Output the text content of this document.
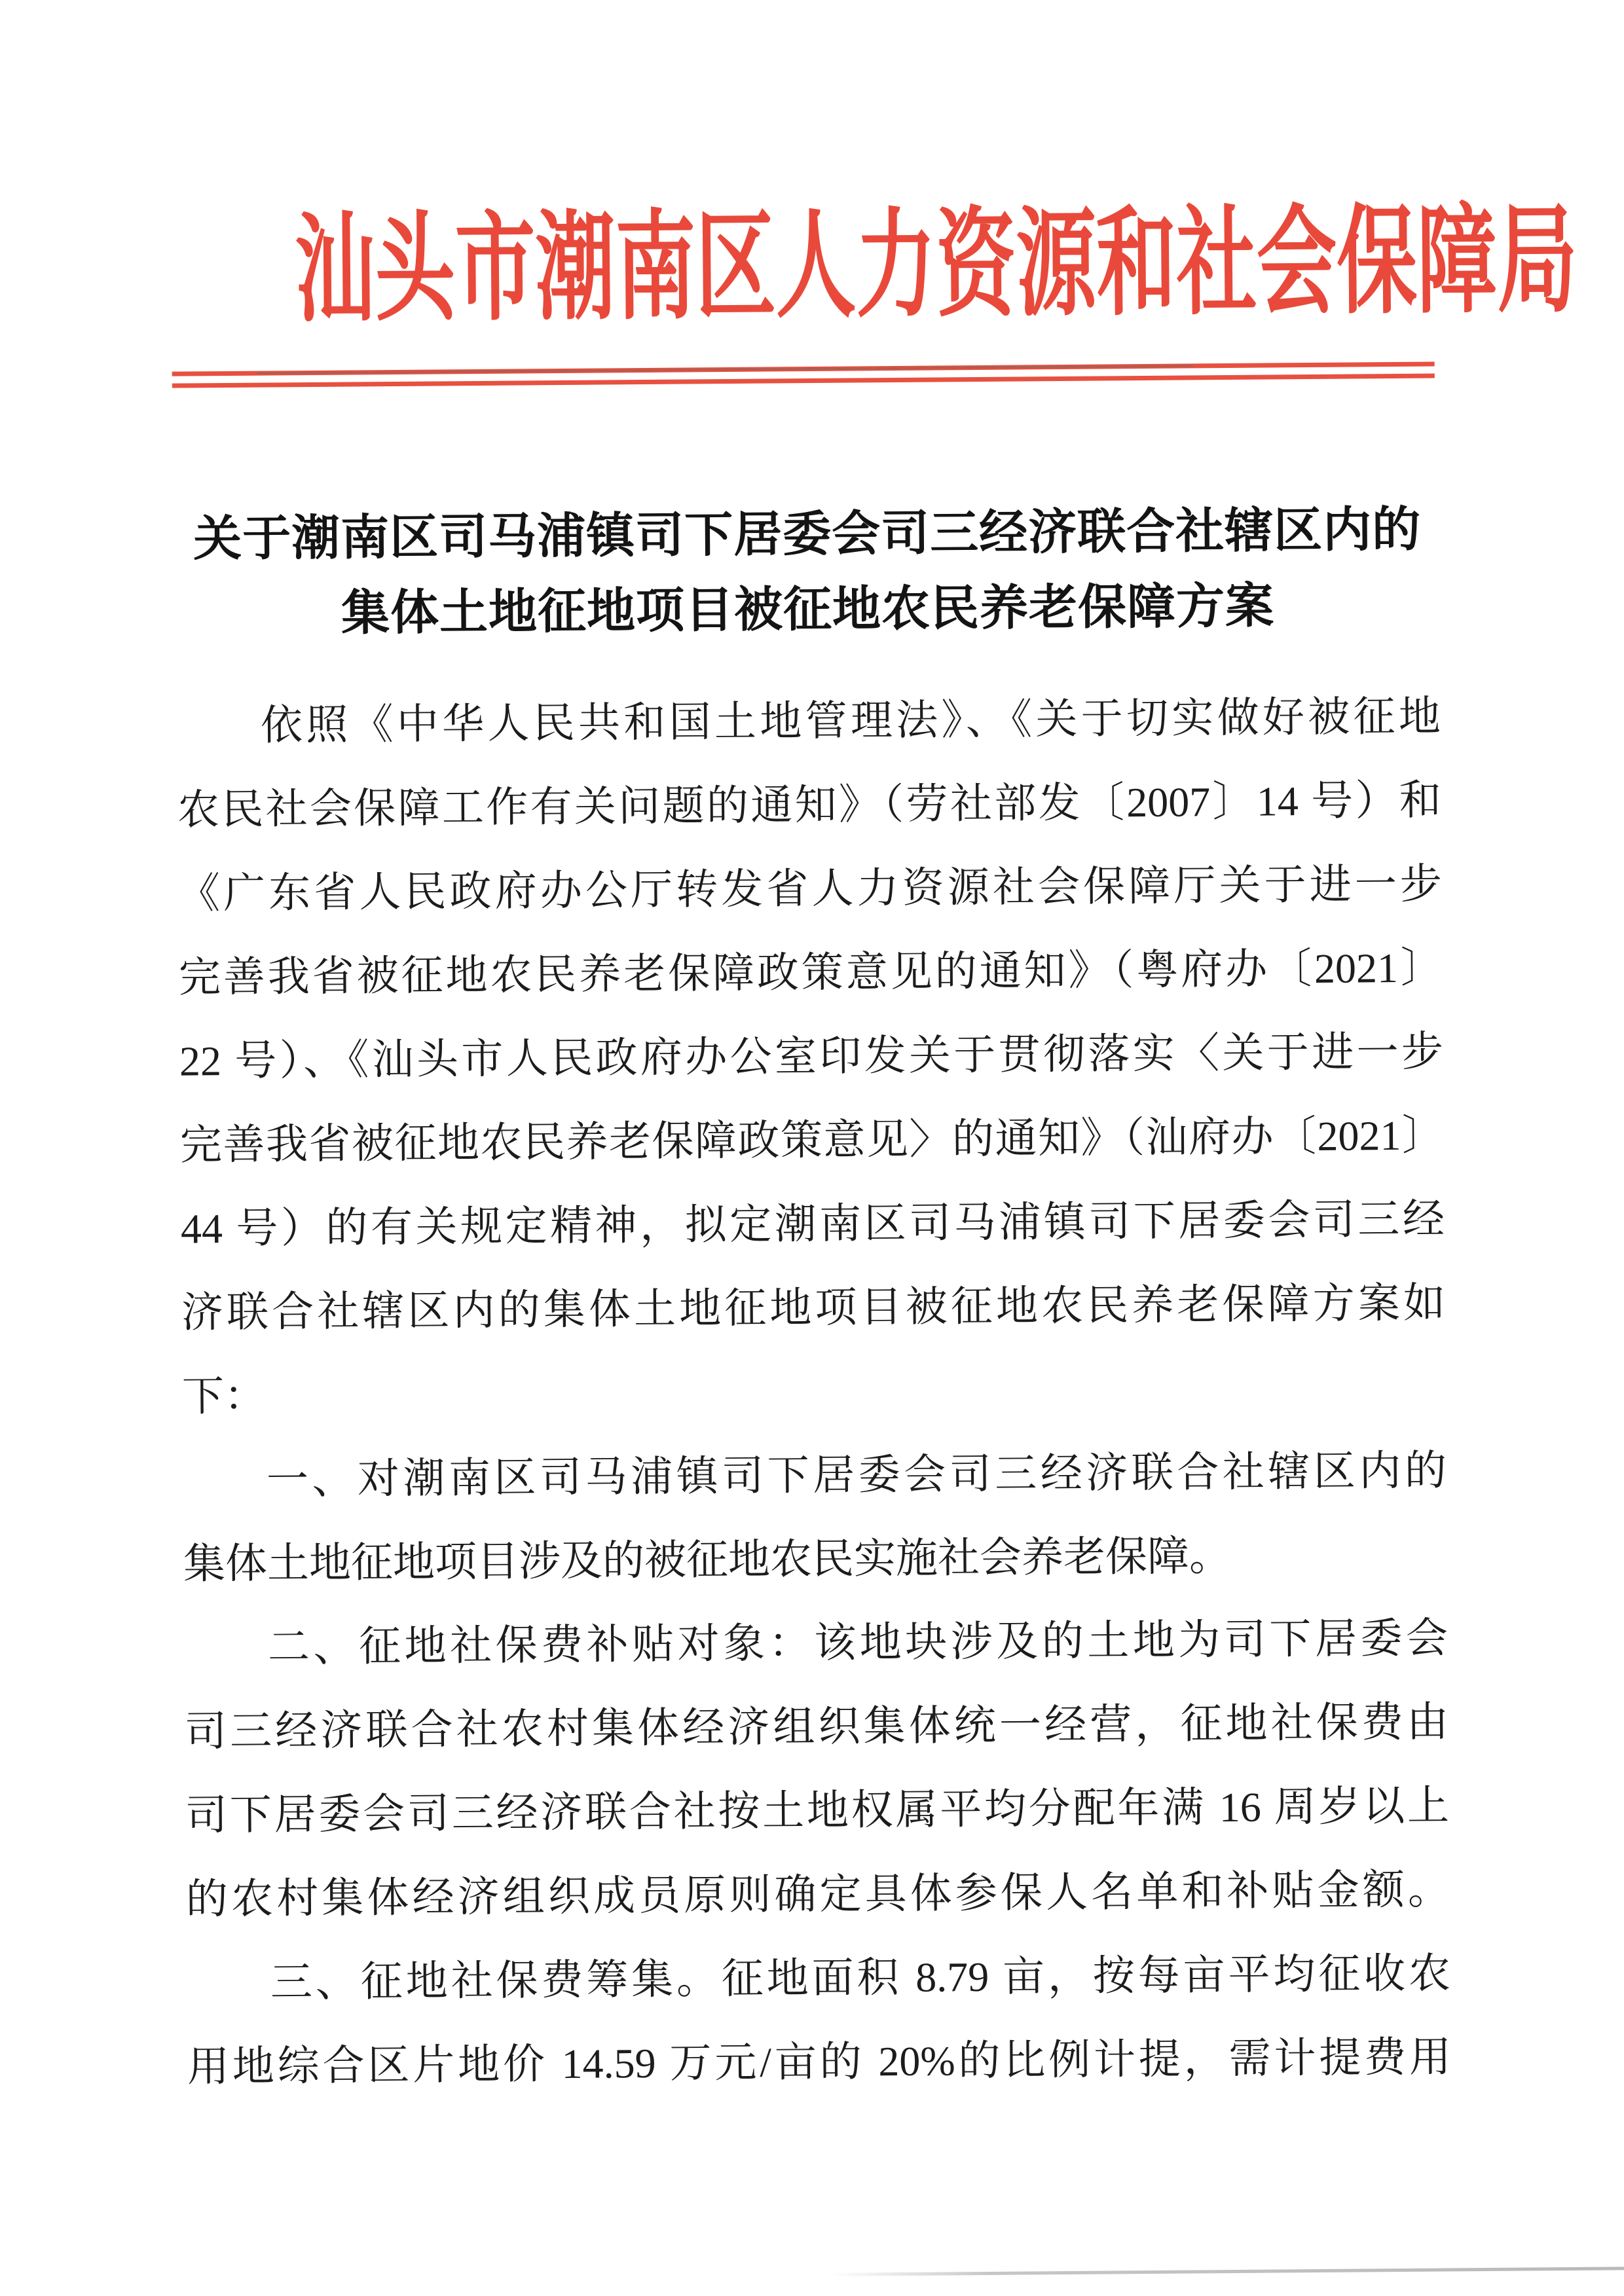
汕头市潮南区人力资源和社会保障局
关于潮南区司马浦镇司下居委会司三经济联合社辖区内的
集体土地征地项目被征地农民养老保障方案
依照《中华人民共和国土地管理法》、《关于切实做好被征地
农民社会保障工作有关问题的通知》（劳社部发〔2007〕14 号）和
《广东省人民政府办公厅转发省人力资源社会保障厅关于进一步
完善我省被征地农民养老保障政策意见的通知》（粤府办〔2021〕
22 号）、《汕头市人民政府办公室印发关于贯彻落实〈关于进一步
完善我省被征地农民养老保障政策意见〉的通知》（汕府办〔2021〕
44 号）的有关规定精神，拟定潮南区司马浦镇司下居委会司三经
济联合社辖区内的集体土地征地项目被征地农民养老保障方案如
下：
一、对潮南区司马浦镇司下居委会司三经济联合社辖区内的
集体土地征地项目涉及的被征地农民实施社会养老保障。
二、征地社保费补贴对象：该地块涉及的土地为司下居委会
司三经济联合社农村集体经济组织集体统一经营，征地社保费由
司下居委会司三经济联合社按土地权属平均分配年满 16 周岁以上
的农村集体经济组织成员原则确定具体参保人名单和补贴金额。
三、征地社保费筹集。征地面积 8.79 亩，按每亩平均征收农
用地综合区片地价 14.59 万元/亩的 20%的比例计提，需计提费用
